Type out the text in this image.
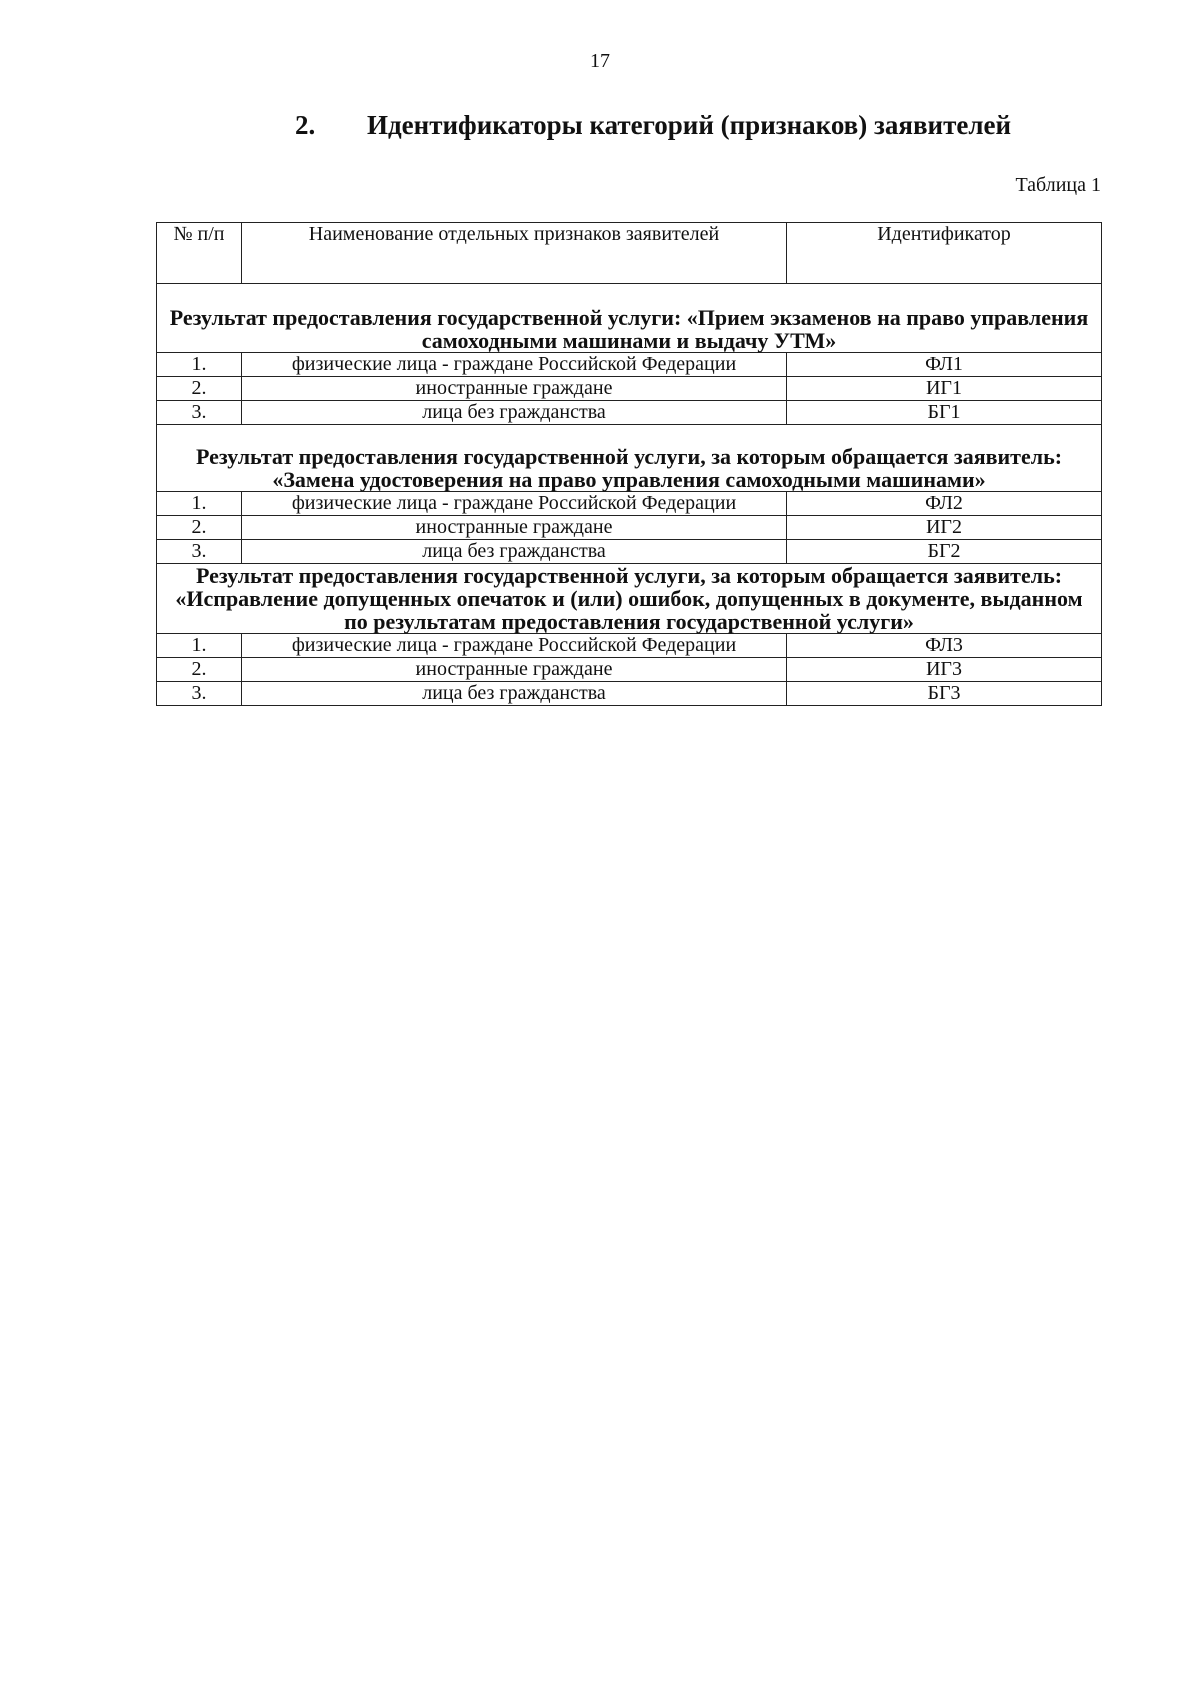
17
2. Идентификаторы категорий (признаков) заявителей
Таблица 1
№ п/п	Наименование отдельных признаков заявителей	Идентификатор
Результат предоставления государственной услуги: «Прием экзаменов на право управления самоходными машинами и выдачу УТМ»		
1.	физические лица - граждане Российской Федерации	ФЛ1
2.	иностранные граждане	ИГ1
3.	лица без гражданства	БГ1
Результат предоставления государственной услуги, за которым обращается заявитель: «Замена удостоверения на право управления самоходными машинами»		
1.	физические лица - граждане Российской Федерации	ФЛ2
2.	иностранные граждане	ИГ2
3.	лица без гражданства	БГ2
Результат предоставления государственной услуги, за которым обращается заявитель: «Исправление допущенных опечаток и (или) ошибок, допущенных в документе, выданном по результатам предоставления государственной услуги»		
1.	физические лица - граждане Российской Федерации	ФЛ3
2.	иностранные граждане	ИГ3
3.	лица без гражданства	БГ3
